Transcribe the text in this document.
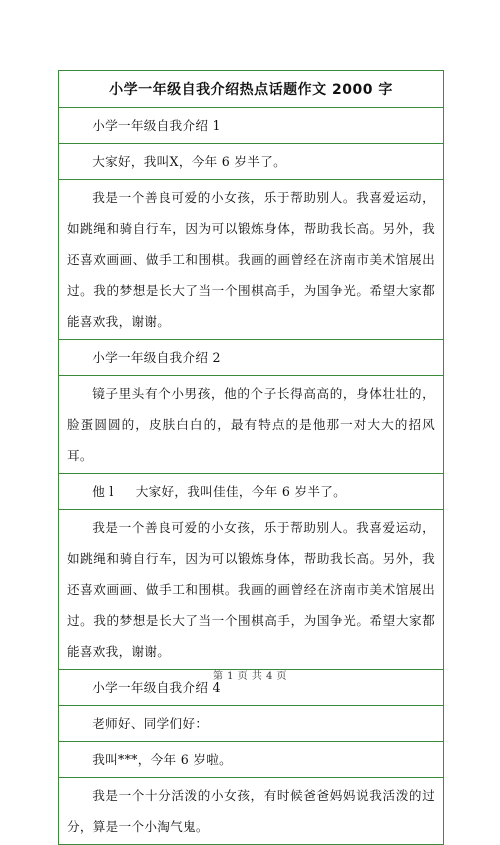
小学一年级自我介绍热点话题作文 2000 字
小学一年级自我介绍 1
大家好，我叫X，今年 6 岁半了。
我是一个善良可爱的小女孩，乐于帮助别人。我喜爱运动，如跳绳和骑自行车，因为可以锻炼身体，帮助我长高。另外，我还喜欢画画、做手工和围棋。我画的画曾经在济南市美术馆展出过。我的梦想是长大了当一个围棋高手，为国争光。希望大家都能喜欢我，谢谢。
小学一年级自我介绍 2
镜子里头有个小男孩，他的个子长得高高的，身体壮壮的，脸蛋圆圆的，皮肤白白的，最有特点的是他那一对大大的招风耳。
他 l 大家好，我叫佳佳，今年 6 岁半了。
我是一个善良可爱的小女孩，乐于帮助别人。我喜爱运动，如跳绳和骑自行车，因为可以锻炼身体，帮助我长高。另外，我还喜欢画画、做手工和围棋。我画的画曾经在济南市美术馆展出过。我的梦想是长大了当一个围棋高手，为国争光。希望大家都能喜欢我，谢谢。
小学一年级自我介绍 4
老师好、同学们好：
我叫***，今年 6 岁啦。
我是一个十分活泼的小女孩，有时候爸爸妈妈说我活泼的过分，算是一个小淘气鬼。
第 1 页 共 4 页
